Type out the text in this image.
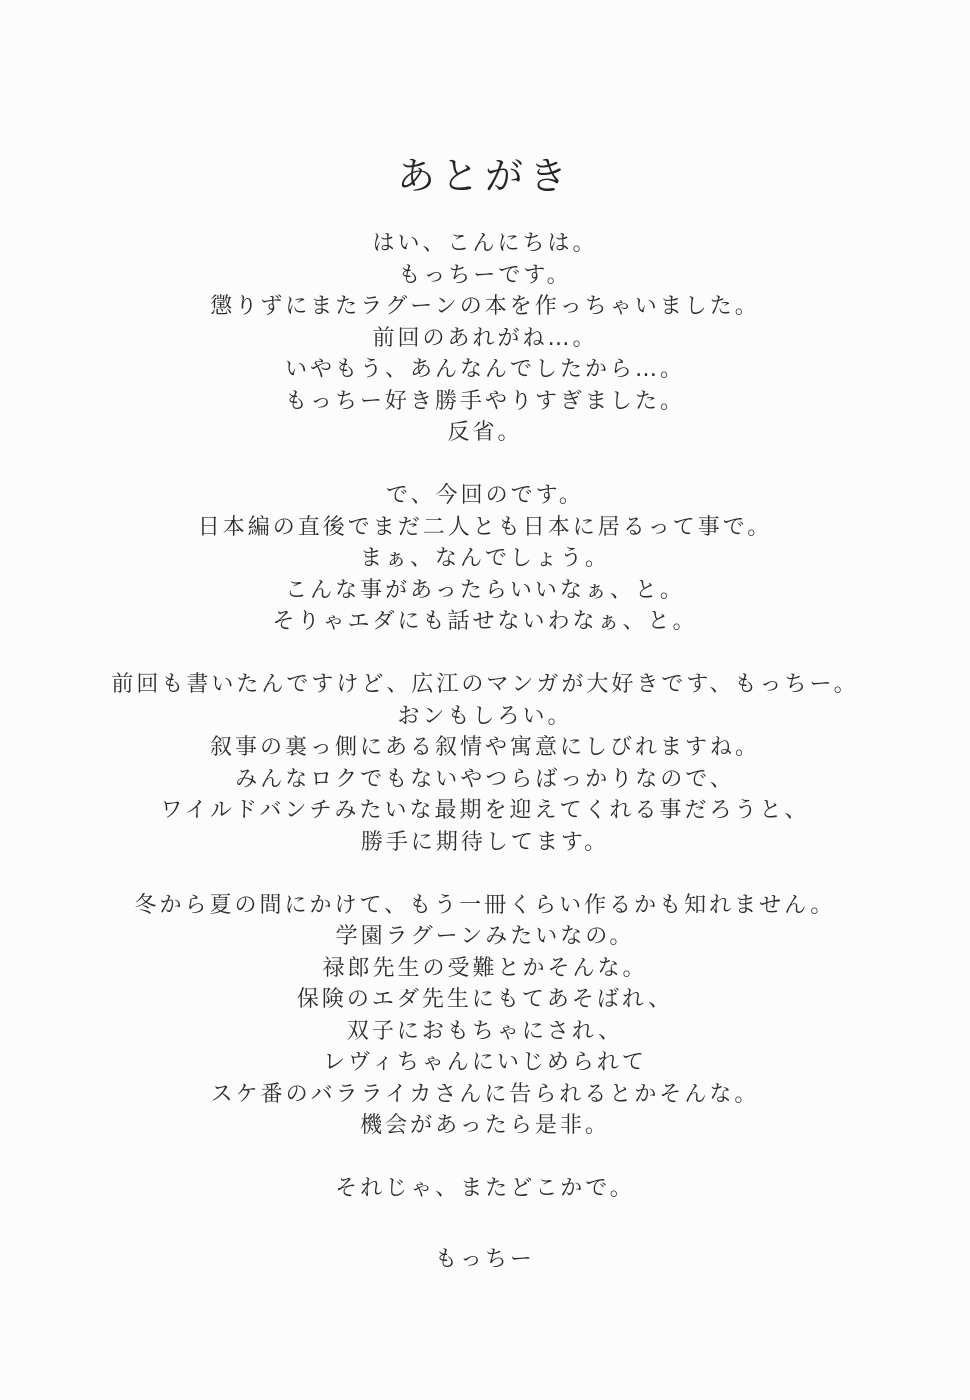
あとがき
はい、こんにちは。
もっちーです。
懲りずにまたラグーンの本を作っちゃいました。
前回のあれがね…。
いやもう、あんなんでしたから…。
もっちー好き勝手やりすぎました。
反省。
で、今回のです。
日本編の直後でまだ二人とも日本に居るって事で。
まぁ、なんでしょう。
こんな事があったらいいなぁ、と。
そりゃエダにも話せないわなぁ、と。
前回も書いたんですけど、広江のマンガが大好きです、もっちー。
おンもしろい。
叙事の裏っ側にある叙情や寓意にしびれますね。
みんなロクでもないやつらばっかりなので、
ワイルドバンチみたいな最期を迎えてくれる事だろうと、
勝手に期待してます。
冬から夏の間にかけて、もう一冊くらい作るかも知れません。
学園ラグーンみたいなの。
禄郎先生の受難とかそんな。
保険のエダ先生にもてあそばれ、
双子におもちゃにされ、
レヴィちゃんにいじめられて
スケ番のバラライカさんに告られるとかそんな。
機会があったら是非。
それじゃ、またどこかで。
もっちー
